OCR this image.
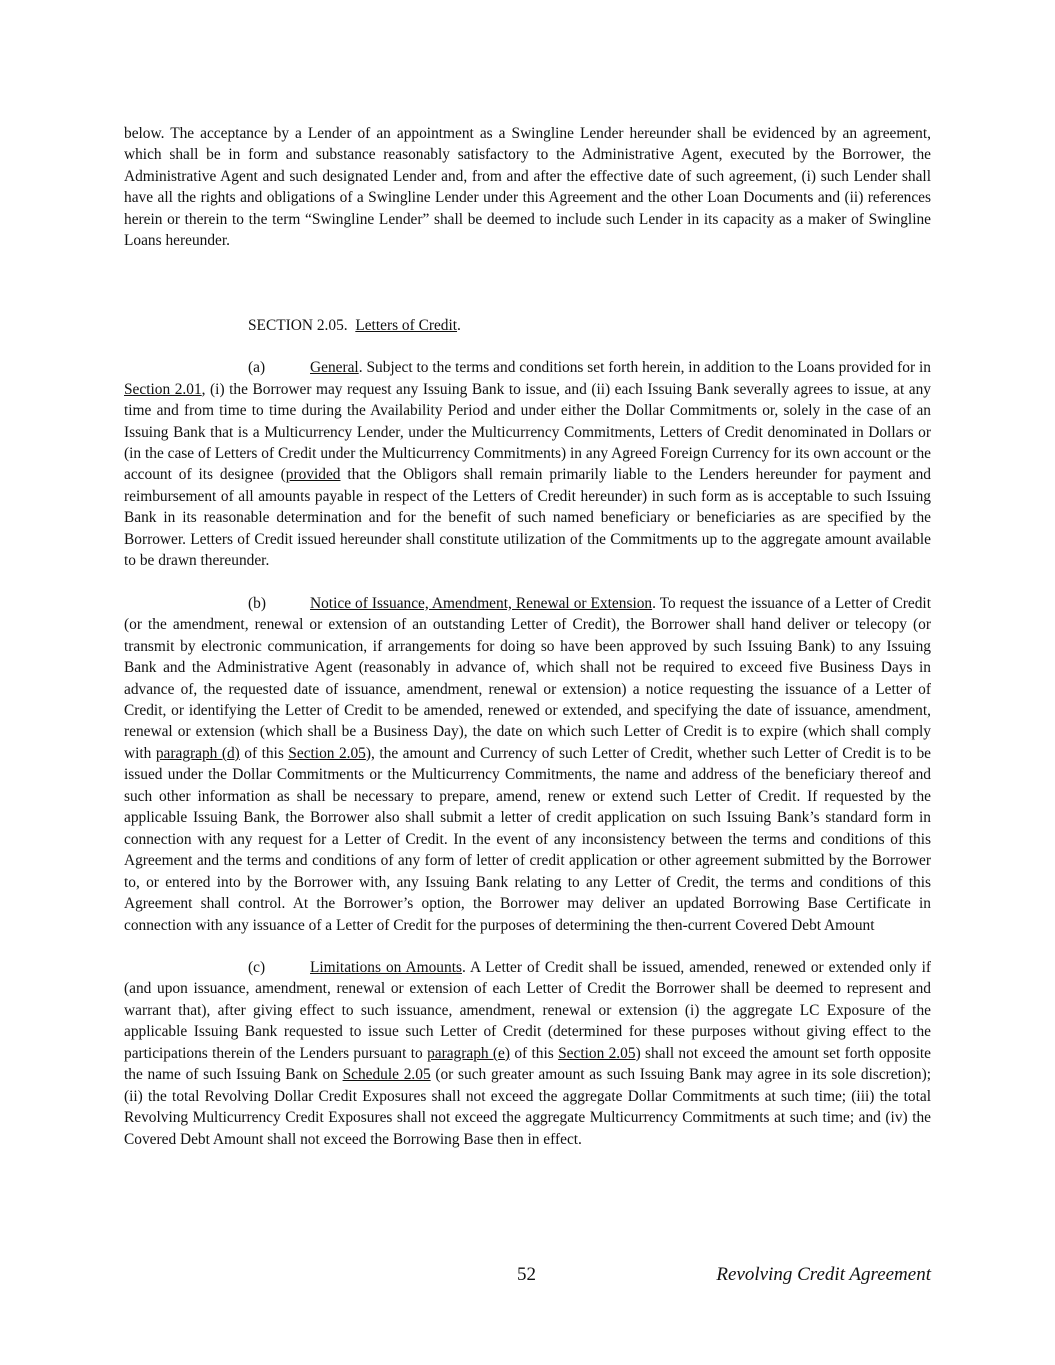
below. The acceptance by a Lender of an appointment as a Swingline Lender hereunder shall be evidenced by an agreement, which shall be in form and substance reasonably satisfactory to the Administrative Agent, executed by the Borrower, the Administrative Agent and such designated Lender and, from and after the effective date of such agreement, (i) such Lender shall have all the rights and obligations of a Swingline Lender under this Agreement and the other Loan Documents and (ii) references herein or therein to the term “Swingline Lender” shall be deemed to include such Lender in its capacity as a maker of Swingline Loans hereunder.

SECTION 2.05. Letters of Credit.

(a)	General. Subject to the terms and conditions set forth herein, in addition to the Loans provided for in Section 2.01, (i) the Borrower may request any Issuing Bank to issue, and (ii) each Issuing Bank severally agrees to issue, at any time and from time to time during the Availability Period and under either the Dollar Commitments or, solely in the case of an Issuing Bank that is a Multicurrency Lender, under the Multicurrency Commitments, Letters of Credit denominated in Dollars or (in the case of Letters of Credit under the Multicurrency Commitments) in any Agreed Foreign Currency for its own account or the account of its designee (provided that the Obligors shall remain primarily liable to the Lenders hereunder for payment and reimbursement of all amounts payable in respect of the Letters of Credit hereunder) in such form as is acceptable to such Issuing Bank in its reasonable determination and for the benefit of such named beneficiary or beneficiaries as are specified by the Borrower. Letters of Credit issued hereunder shall constitute utilization of the Commitments up to the aggregate amount available to be drawn thereunder.

(b)	Notice of Issuance, Amendment, Renewal or Extension. To request the issuance of a Letter of Credit (or the amendment, renewal or extension of an outstanding Letter of Credit), the Borrower shall hand deliver or telecopy (or transmit by electronic communication, if arrangements for doing so have been approved by such Issuing Bank) to any Issuing Bank and the Administrative Agent (reasonably in advance of, which shall not be required to exceed five Business Days in advance of, the requested date of issuance, amendment, renewal or extension) a notice requesting the issuance of a Letter of Credit, or identifying the Letter of Credit to be amended, renewed or extended, and specifying the date of issuance, amendment, renewal or extension (which shall be a Business Day), the date on which such Letter of Credit is to expire (which shall comply with paragraph (d) of this Section 2.05), the amount and Currency of such Letter of Credit, whether such Letter of Credit is to be issued under the Dollar Commitments or the Multicurrency Commitments, the name and address of the beneficiary thereof and such other information as shall be necessary to prepare, amend, renew or extend such Letter of Credit. If requested by the applicable Issuing Bank, the Borrower also shall submit a letter of credit application on such Issuing Bank’s standard form in connection with any request for a Letter of Credit. In the event of any inconsistency between the terms and conditions of this Agreement and the terms and conditions of any form of letter of credit application or other agreement submitted by the Borrower to, or entered into by the Borrower with, any Issuing Bank relating to any Letter of Credit, the terms and conditions of this Agreement shall control. At the Borrower’s option, the Borrower may deliver an updated Borrowing Base Certificate in connection with any issuance of a Letter of Credit for the purposes of determining the then-current Covered Debt Amount

(c)	Limitations on Amounts. A Letter of Credit shall be issued, amended, renewed or extended only if (and upon issuance, amendment, renewal or extension of each Letter of Credit the Borrower shall be deemed to represent and warrant that), after giving effect to such issuance, amendment, renewal or extension (i) the aggregate LC Exposure of the applicable Issuing Bank requested to issue such Letter of Credit (determined for these purposes without giving effect to the participations therein of the Lenders pursuant to paragraph (e) of this Section 2.05) shall not exceed the amount set forth opposite the name of such Issuing Bank on Schedule 2.05 (or such greater amount as such Issuing Bank may agree in its sole discretion); (ii) the total Revolving Dollar Credit Exposures shall not exceed the aggregate Dollar Commitments at such time; (iii) the total Revolving Multicurrency Credit Exposures shall not exceed the aggregate Multicurrency Commitments at such time; and (iv) the Covered Debt Amount shall not exceed the Borrowing Base then in effect.

52	Revolving Credit Agreement
